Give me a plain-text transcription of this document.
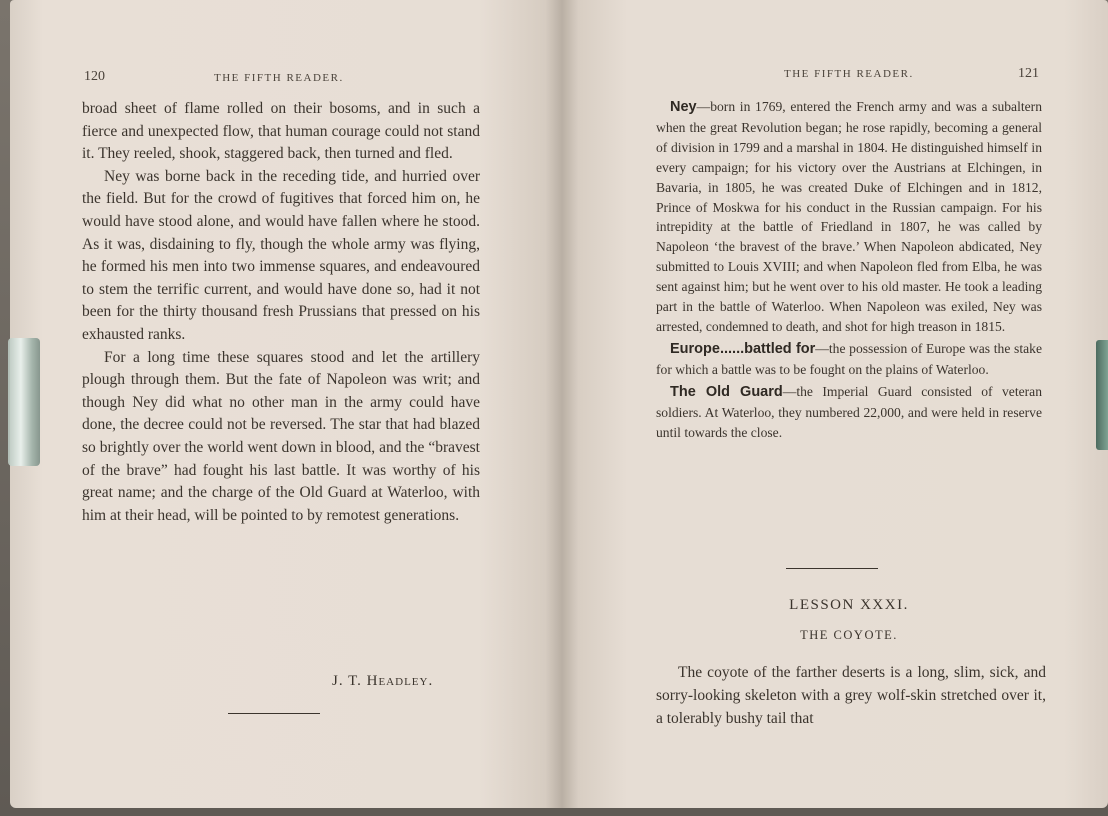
120	THE FIFTH READER.

broad sheet of flame rolled on their bosoms, and in such a fierce and unexpected flow, that human courage could not stand it. They reeled, shook, staggered back, then turned and fled.

Ney was borne back in the receding tide, and hurried over the field. But for the crowd of fugitives that forced him on, he would have stood alone, and would have fallen where he stood. As it was, disdaining to fly, though the whole army was flying, he formed his men into two immense squares, and endeavoured to stem the terrific current, and would have done so, had it not been for the thirty thousand fresh Prussians that pressed on his exhausted ranks.

For a long time these squares stood and let the artillery plough through them. But the fate of Napoleon was writ; and though Ney did what no other man in the army could have done, the decree could not be reversed. The star that had blazed so brightly over the world went down in blood, and the “bravest of the brave” had fought his last battle. It was worthy of his great name; and the charge of the Old Guard at Waterloo, with him at their head, will be pointed to by remotest generations.

J. T. Headley.
THE FIFTH READER.	121

Ney—born in 1769, entered the French army and was a subaltern when the great Revolution began; he rose rapidly, becoming a general of division in 1799 and a marshal in 1804. He distinguished himself in every campaign; for his victory over the Austrians at Elchingen, in Bavaria, in 1805, he was created Duke of Elchingen and in 1812, Prince of Moskwa for his conduct in the Russian campaign. For his intrepidity at the battle of Friedland in 1807, he was called by Napoleon ‘the bravest of the brave.’ When Napoleon abdicated, Ney submitted to Louis XVIII; and when Napoleon fled from Elba, he was sent against him; but he went over to his old master. He took a leading part in the battle of Waterloo. When Napoleon was exiled, Ney was arrested, condemned to death, and shot for high treason in 1815.

Europe......battled for—the possession of Europe was the stake for which a battle was to be fought on the plains of Waterloo.

The Old Guard—the Imperial Guard consisted of veteran soldiers. At Waterloo, they numbered 22,000, and were held in reserve until towards the close.

LESSON XXXI.
THE COYOTE.

The coyote of the farther deserts is a long, slim, sick, and sorry-looking skeleton with a grey wolf-skin stretched over it, a tolerably bushy tail that
